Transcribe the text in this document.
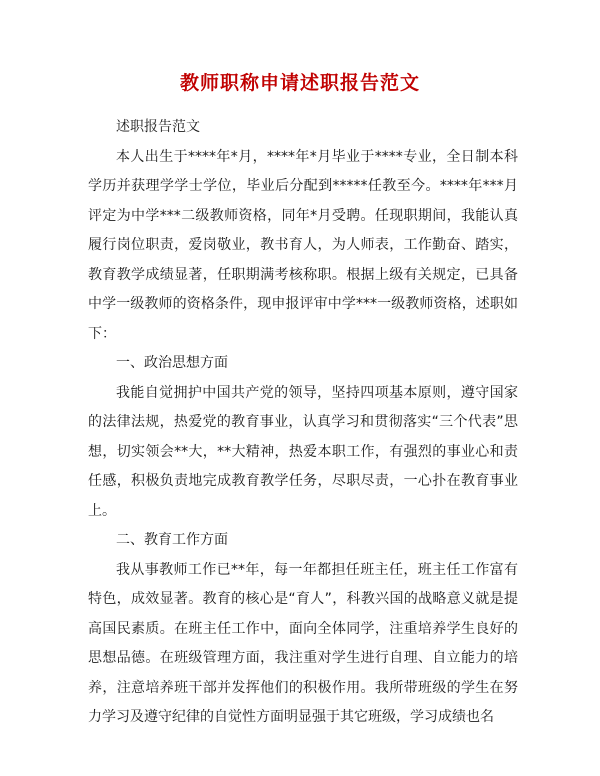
教师职称申请述职报告范文

述职报告范文

本人出生于****年*月，****年*月毕业于****专业，全日制本科学历并获理学学士学位，毕业后分配到*****任教至今。****年***月评定为中学***二级教师资格，同年*月受聘。任现职期间，我能认真履行岗位职责，爱岗敬业，教书育人，为人师表，工作勤奋、踏实，教育教学成绩显著，任职期满考核称职。根据上级有关规定，已具备中学一级教师的资格条件，现申报评审中学***一级教师资格，述职如下：

一、政治思想方面

我能自觉拥护中国共产党的领导，坚持四项基本原则，遵守国家的法律法规，热爱党的教育事业，认真学习和贯彻落实“三个代表”思想，切实领会**大，**大精神，热爱本职工作，有强烈的事业心和责任感，积极负责地完成教育教学任务，尽职尽责，一心扑在教育事业上。

二、教育工作方面

我从事教师工作已**年，每一年都担任班主任，班主任工作富有特色，成效显著。教育的核心是“育人”，科教兴国的战略意义就是提高国民素质。在班主任工作中，面向全体同学，注重培养学生良好的思想品德。在班级管理方面，我注重对学生进行自理、自立能力的培养，注意培养班干部并发挥他们的积极作用。我所带班级的学生在努力学习及遵守纪律的自觉性方面明显强于其它班级，学习成绩也名
